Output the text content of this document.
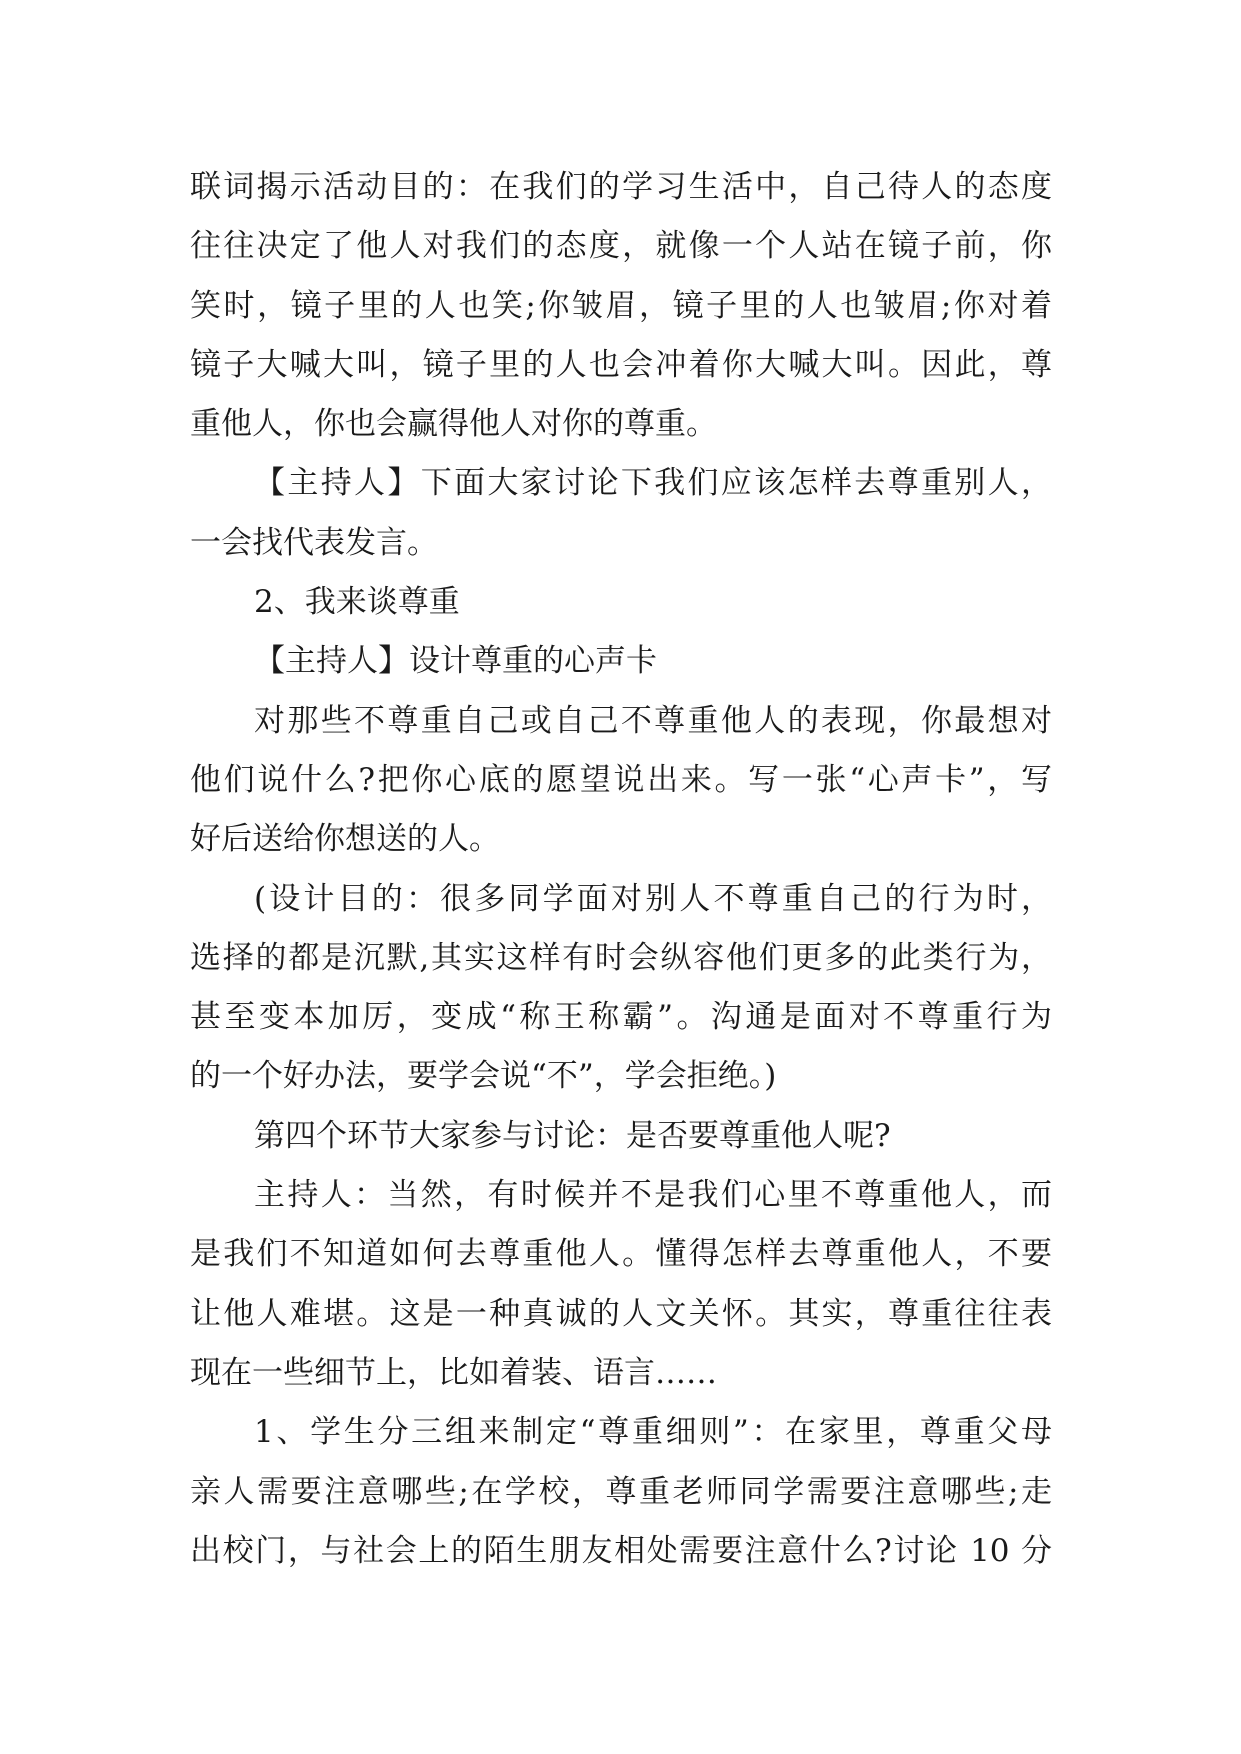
联词揭示活动目的：在我们的学习生活中，自己待人的态度
往往决定了他人对我们的态度，就像一个人站在镜子前，你
笑时，镜子里的人也笑;你皱眉，镜子里的人也皱眉;你对着
镜子大喊大叫，镜子里的人也会冲着你大喊大叫。因此，尊
重他人，你也会赢得他人对你的尊重。
【主持人】下面大家讨论下我们应该怎样去尊重别人，
一会找代表发言。
2、我来谈尊重
【主持人】设计尊重的心声卡
对那些不尊重自己或自己不尊重他人的表现，你最想对
他们说什么?把你心底的愿望说出来。写一张“心声卡”，写
好后送给你想送的人。
(设计目的：很多同学面对别人不尊重自己的行为时，
选择的都是沉默,其实这样有时会纵容他们更多的此类行为，
甚至变本加厉，变成“称王称霸”。沟通是面对不尊重行为
的一个好办法，要学会说“不”，学会拒绝。)
第四个环节大家参与讨论：是否要尊重他人呢?
主持人：当然，有时候并不是我们心里不尊重他人，而
是我们不知道如何去尊重他人。懂得怎样去尊重他人，不要
让他人难堪。这是一种真诚的人文关怀。其实，尊重往往表
现在一些细节上，比如着装、语言……
1、学生分三组来制定“尊重细则”：在家里，尊重父母
亲人需要注意哪些;在学校，尊重老师同学需要注意哪些;走
出校门，与社会上的陌生朋友相处需要注意什么?讨论 10 分
